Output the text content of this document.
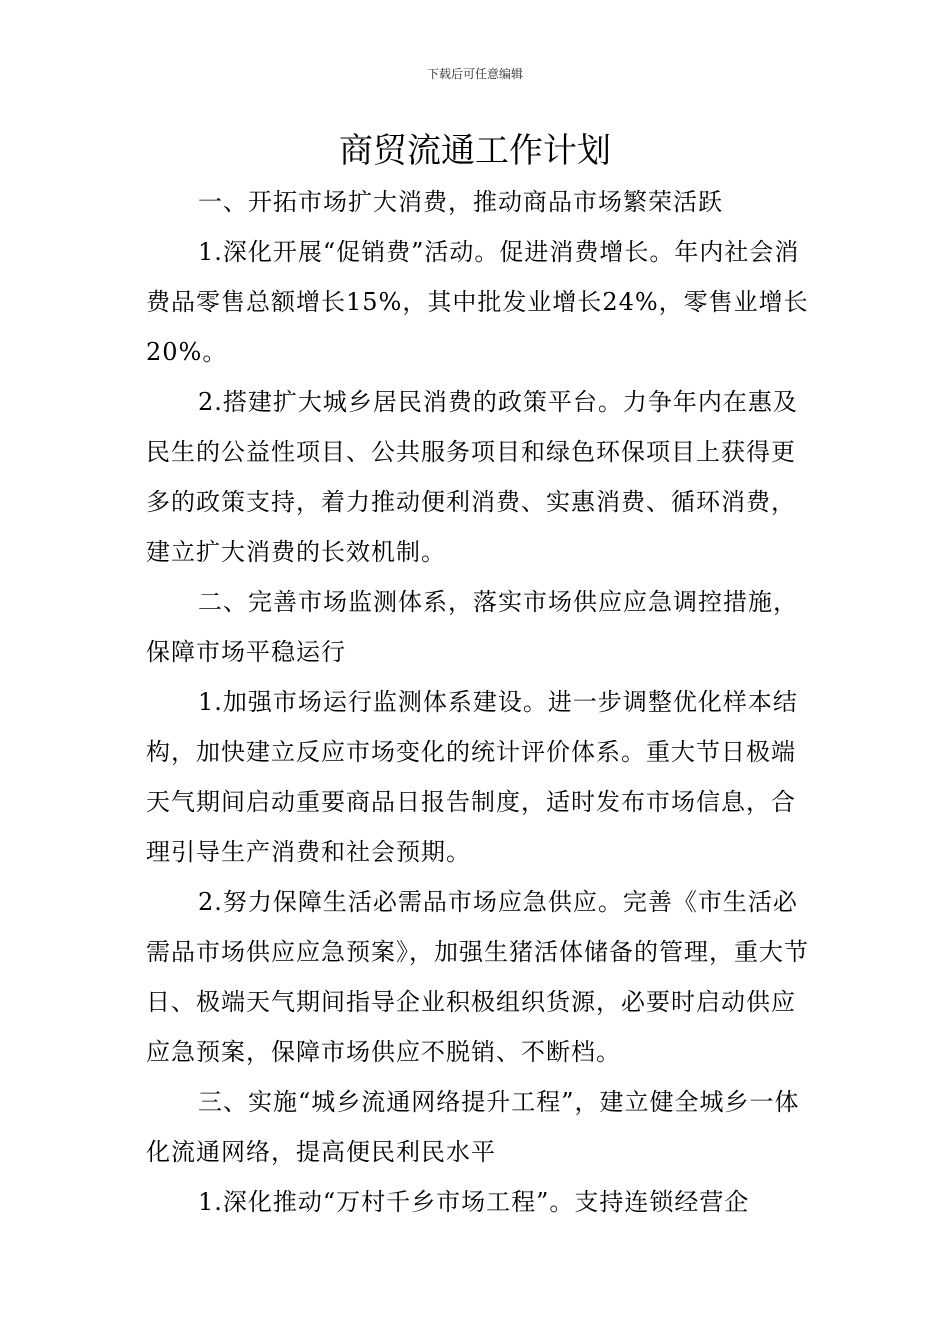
下载后可任意编辑
商贸流通工作计划

一、开拓市场扩大消费，推动商品市场繁荣活跃

1.深化开展“促销费”活动。促进消费增长。年内社会消费品零售总额增长15%，其中批发业增长24%，零售业增长20%。

2.搭建扩大城乡居民消费的政策平台。力争年内在惠及民生的公益性项目、公共服务项目和绿色环保项目上获得更多的政策支持，着力推动便利消费、实惠消费、循环消费，建立扩大消费的长效机制。

二、完善市场监测体系，落实市场供应应急调控措施，保障市场平稳运行

1.加强市场运行监测体系建设。进一步调整优化样本结构，加快建立反应市场变化的统计评价体系。重大节日极端天气期间启动重要商品日报告制度，适时发布市场信息，合理引导生产消费和社会预期。

2.努力保障生活必需品市场应急供应。完善《市生活必需品市场供应应急预案》，加强生猪活体储备的管理，重大节日、极端天气期间指导企业积极组织货源，必要时启动供应应急预案，保障市场供应不脱销、不断档。

三、实施“城乡流通网络提升工程”，建立健全城乡一体化流通网络，提高便民利民水平

1.深化推动“万村千乡市场工程”。支持连锁经营企
